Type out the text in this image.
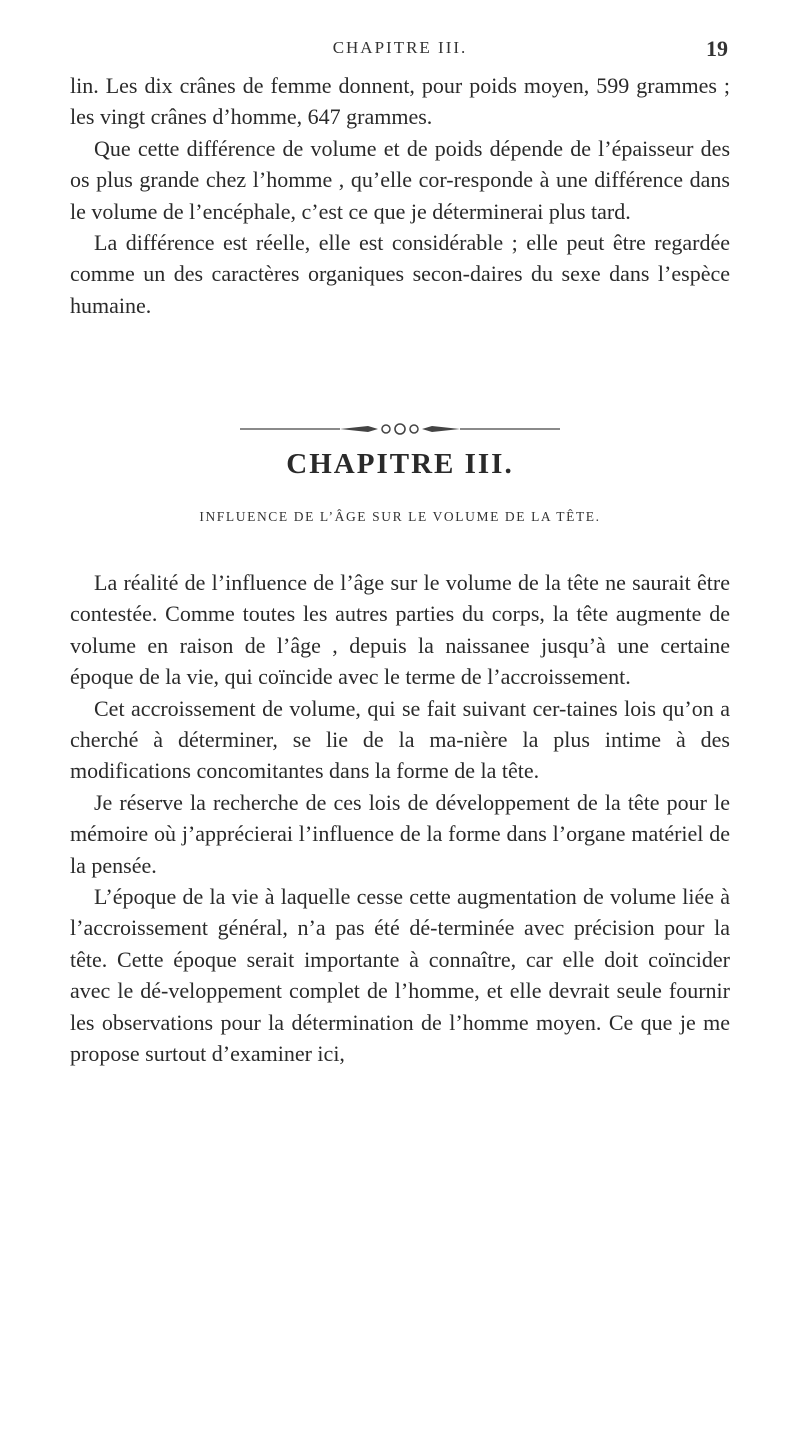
CHAPITRE III.	19

lin. Les dix crânes de femme donnent, pour poids moyen, 599 grammes ; les vingt crânes d’homme, 647 grammes.

Que cette différence de volume et de poids dépende de l’épaisseur des os plus grande chez l’homme , qu’elle cor-responde à une différence dans le volume de l’encéphale, c’est ce que je déterminerai plus tard.

La différence est réelle, elle est considérable ; elle peut être regardée comme un des caractères organiques secon-daires du sexe dans l’espèce humaine.

CHAPITRE III.
INFLUENCE DE L’ÂGE SUR LE VOLUME DE LA TÊTE.

La réalité de l’influence de l’âge sur le volume de la tête ne saurait être contestée. Comme toutes les autres parties du corps, la tête augmente de volume en raison de l’âge , depuis la naissanee jusqu’à une certaine époque de la vie, qui coïncide avec le terme de l’accroissement.

Cet accroissement de volume, qui se fait suivant cer-taines lois qu’on a cherché à déterminer, se lie de la ma-nière la plus intime à des modifications concomitantes dans la forme de la tête.

Je réserve la recherche de ces lois de développement de la tête pour le mémoire où j’apprécierai l’influence de la forme dans l’organe matériel de la pensée.

L’époque de la vie à laquelle cesse cette augmentation de volume liée à l’accroissement général, n’a pas été dé-terminée avec précision pour la tête. Cette époque serait importante à connaître, car elle doit coïncider avec le dé-veloppement complet de l’homme, et elle devrait seule fournir les observations pour la détermination de l’homme moyen. Ce que je me propose surtout d’examiner ici,
